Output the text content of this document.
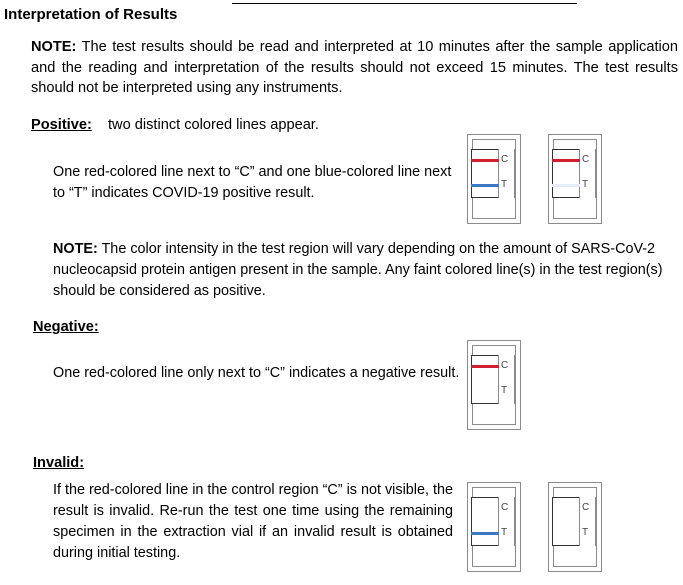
Interpretation of Results
NOTE: The test results should be read and interpreted at 10 minutes after the sample application and the reading and interpretation of the results should not exceed 15 minutes. The test results should not be interpreted using any instruments.
Positive: two distinct colored lines appear.
One red-colored line next to “C” and one blue-colored line next to “T” indicates COVID-19 positive result.
C
T
C
T
NOTE: The color intensity in the test region will vary depending on the amount of SARS-CoV-2 nucleocapsid protein antigen present in the sample. Any faint colored line(s) in the test region(s) should be considered as positive.
Negative:
One red-colored line only next to “C” indicates a negative result.	C
T
Invalid:
If the red-colored line in the control region “C” is not visible, the result is invalid. Re-run the test one time using the remaining specimen in the extraction vial if an invalid result is obtained during initial testing.
C
T
C
T
